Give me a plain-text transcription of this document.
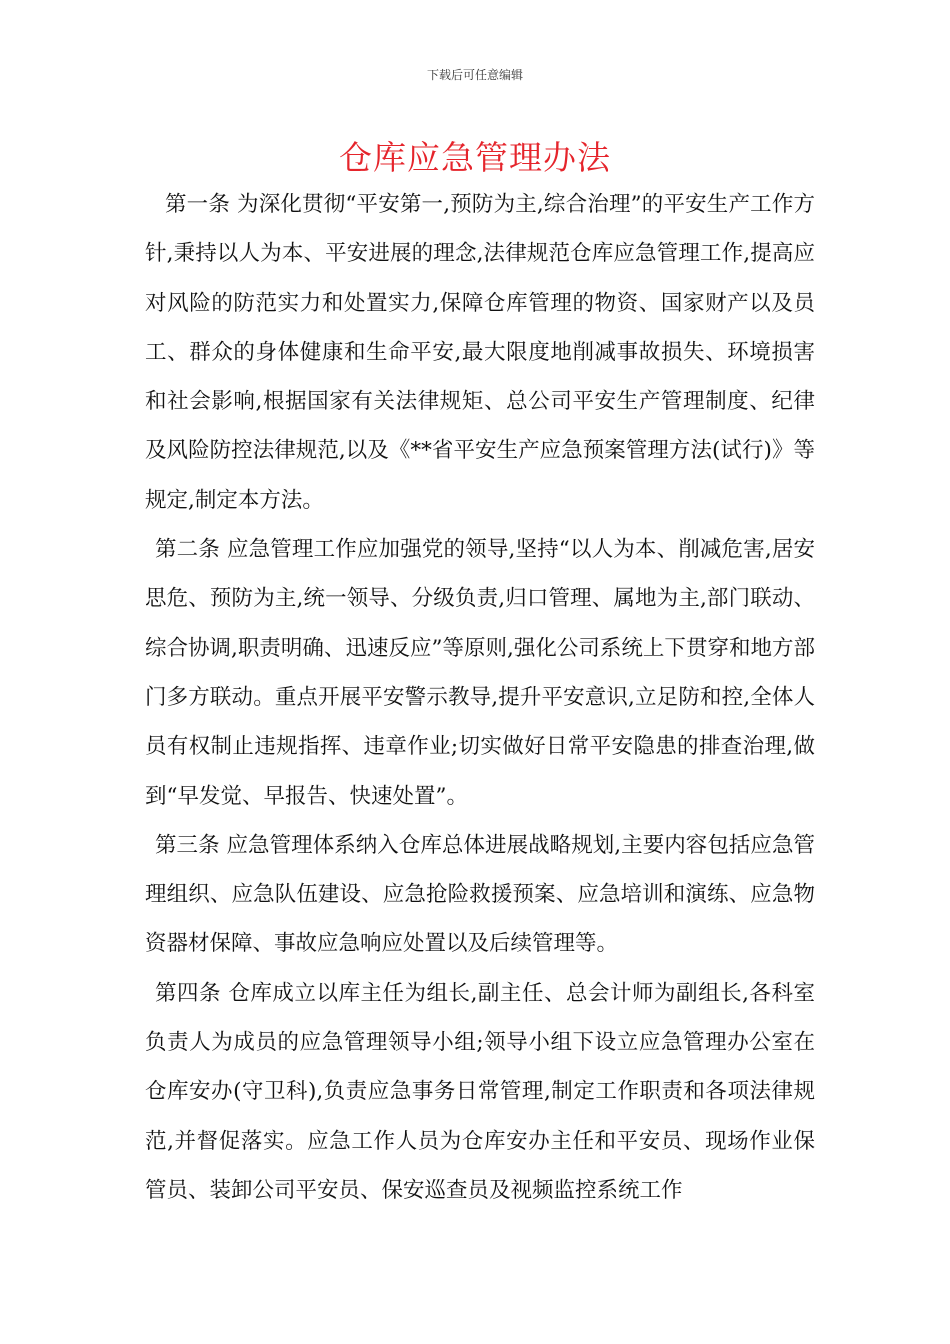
下载后可任意编辑
仓库应急管理办法

第一条 为深化贯彻“平安第一,预防为主,综合治理”的平安生产工作方针,秉持以人为本、平安进展的理念,法律规范仓库应急管理工作,提高应对风险的防范实力和处置实力,保障仓库管理的物资、国家财产以及员工、群众的身体健康和生命平安,最大限度地削减事故损失、环境损害和社会影响,根据国家有关法律规矩、总公司平安生产管理制度、纪律及风险防控法律规范,以及《**省平安生产应急预案管理方法(试行)》等规定,制定本方法。

第二条 应急管理工作应加强党的领导,坚持“以人为本、削减危害,居安思危、预防为主,统一领导、分级负责,归口管理、属地为主,部门联动、综合协调,职责明确、迅速反应”等原则,强化公司系统上下贯穿和地方部门多方联动。重点开展平安警示教导,提升平安意识,立足防和控,全体人员有权制止违规指挥、违章作业;切实做好日常平安隐患的排查治理,做到“早发觉、早报告、快速处置”。

第三条 应急管理体系纳入仓库总体进展战略规划,主要内容包括应急管理组织、应急队伍建设、应急抢险救援预案、应急培训和演练、应急物资器材保障、事故应急响应处置以及后续管理等。

第四条 仓库成立以库主任为组长,副主任、总会计师为副组长,各科室负责人为成员的应急管理领导小组;领导小组下设立应急管理办公室在仓库安办(守卫科),负责应急事务日常管理,制定工作职责和各项法律规范,并督促落实。应急工作人员为仓库安办主任和平安员、现场作业保管员、装卸公司平安员、保安巡查员及视频监控系统工作
